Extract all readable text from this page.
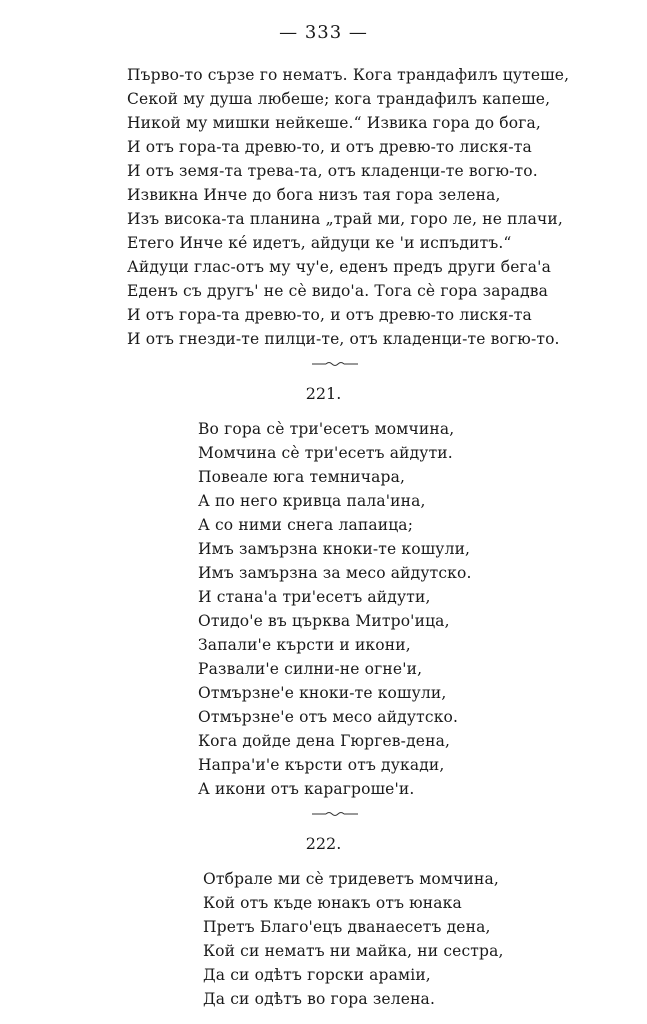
— 333 —
Първо-то сързе го нематъ. Кога трандафилъ цутеше,
Секой му душа любеше; кога трандафилъ капеше,
Никой му мишки нейкеше.“ Извика гора до бога,
И отъ гора-та древю-то, и отъ древю-то лискя-та
И отъ земя-та трева-та, отъ кладенци-те вогю-то.
Извикна Инче до бога низъ тая гора зелена,
Изъ висока-та планина „трай ми, горо ле, не плачи,
Етего Инче ке́ идетъ, айдуци ке 'и испъдитъ.“
Айдуци глас-отъ му чу'е, еденъ предъ други бега'а
Еденъ съ другъ' не сѐ видо'а. Тога сѐ гора зарадва
И отъ гора-та древю-то, и отъ древю-то лискя-та
И отъ гнезди-те пилци-те, отъ кладенци-те вогю-то.
221.
Во гора сѐ три'есетъ момчина,
Момчина сѐ три'есетъ айдути.
Повеале юга темничара,
А по него кривца пала'ина,
А со ними снега лапаица;
Имъ замързна кноки-те кошули,
Имъ замързна за месо айдутско.
И стана'а три'есетъ айдути,
Отидо'е въ църква Митро'ица,
Запали'е кърсти и икони,
Развали'е силни-не огне'и,
Отмързне'е кноки-те кошули,
Отмързне'е отъ месо айдутско.
Кога дойде дена Гюргев-дена,
Напра'и'е кърсти отъ дукади,
А икони отъ карагроше'и.
222.
Отбрале ми сѐ тридеветъ момчина,
Кой отъ къде юнакъ отъ юнака
Претъ Благо'ецъ дванаесетъ дена,
Кой си нематъ ни майка, ни сестра,
Да си одѣтъ горски арамiи,
Да си одѣтъ во гора зелена.
